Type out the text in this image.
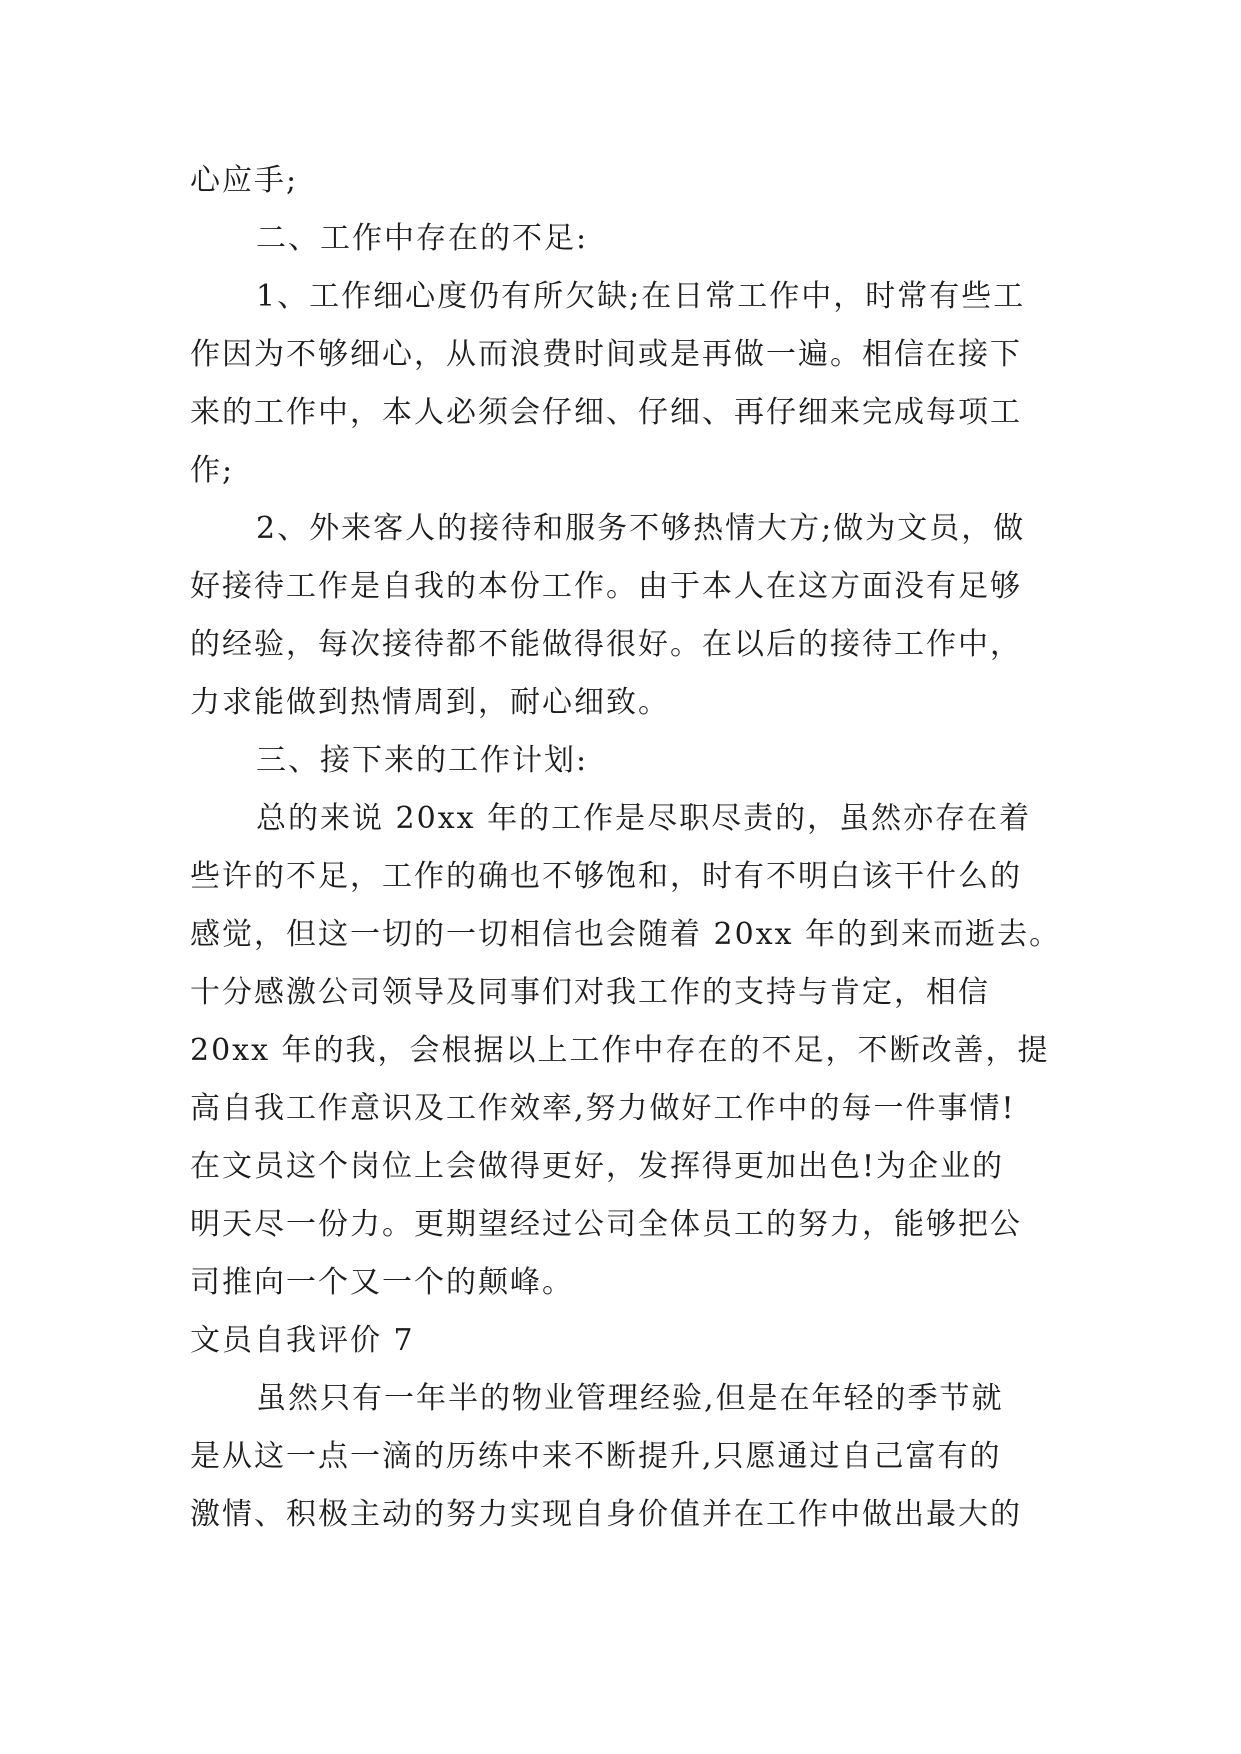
心应手;
二、工作中存在的不足:
1、工作细心度仍有所欠缺;在日常工作中，时常有些工
作因为不够细心，从而浪费时间或是再做一遍。相信在接下
来的工作中，本人必须会仔细、仔细、再仔细来完成每项工
作;
2、外来客人的接待和服务不够热情大方;做为文员，做
好接待工作是自我的本份工作。由于本人在这方面没有足够
的经验，每次接待都不能做得很好。在以后的接待工作中，
力求能做到热情周到，耐心细致。
三、接下来的工作计划:
总的来说 20xx 年的工作是尽职尽责的，虽然亦存在着
些许的不足，工作的确也不够饱和，时有不明白该干什么的
感觉，但这一切的一切相信也会随着 20xx 年的到来而逝去。
十分感激公司领导及同事们对我工作的支持与肯定，相信
20xx 年的我，会根据以上工作中存在的不足，不断改善，提
高自我工作意识及工作效率,努力做好工作中的每一件事情!
在文员这个岗位上会做得更好，发挥得更加出色!为企业的
明天尽一份力。更期望经过公司全体员工的努力，能够把公
司推向一个又一个的颠峰。
文员自我评价 7
虽然只有一年半的物业管理经验,但是在年轻的季节就
是从这一点一滴的历练中来不断提升,只愿通过自己富有的
激情、积极主动的努力实现自身价值并在工作中做出最大的
